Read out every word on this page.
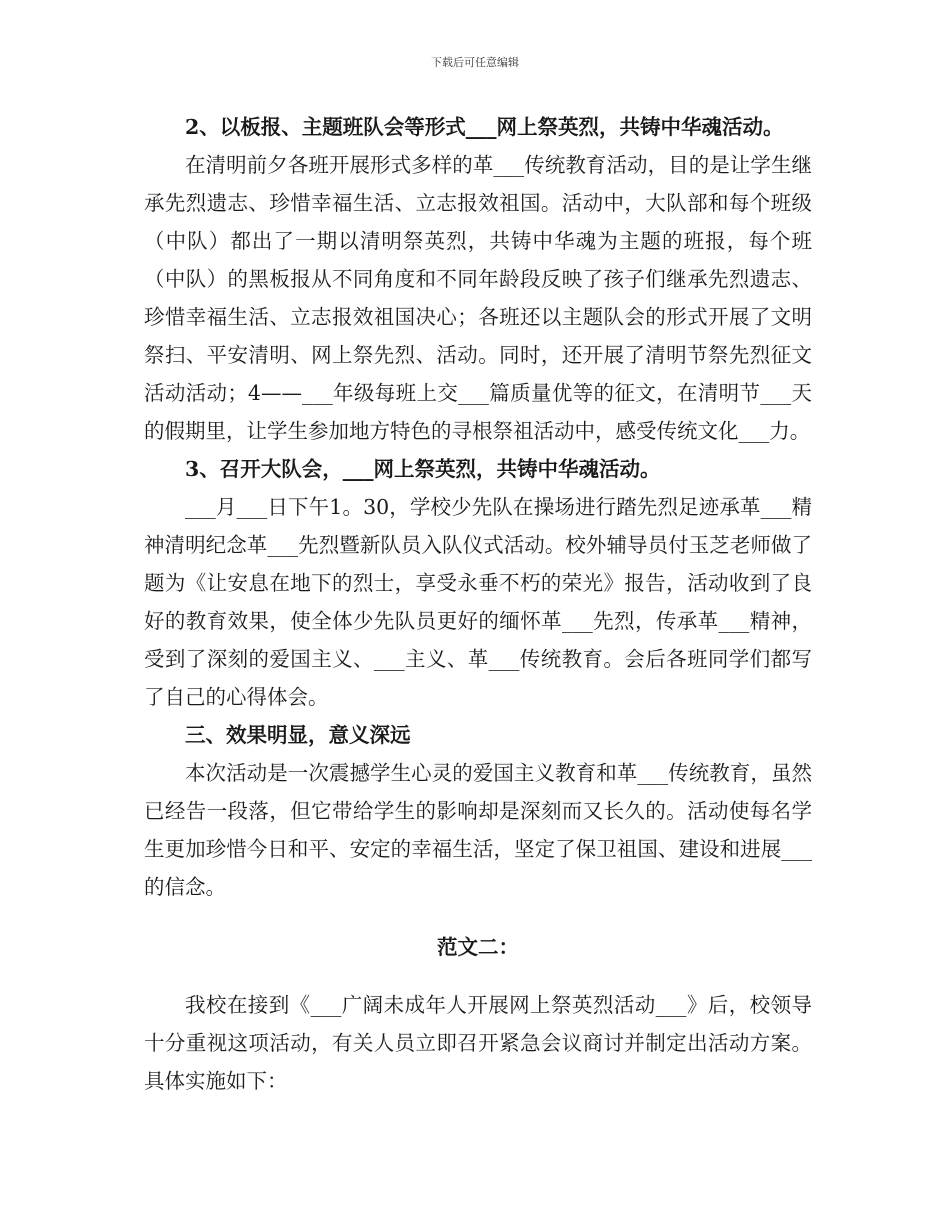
下载后可任意编辑

2、以板报、主题班队会等形式___网上祭英烈，共铸中华魂活动。

在清明前夕各班开展形式多样的革___传统教育活动，目的是让学生继承先烈遗志、珍惜幸福生活、立志报效祖国。活动中，大队部和每个班级（中队）都出了一期以清明祭英烈，共铸中华魂为主题的班报，每个班（中队）的黑板报从不同角度和不同年龄段反映了孩子们继承先烈遗志、珍惜幸福生活、立志报效祖国决心；各班还以主题队会的形式开展了文明祭扫、平安清明、网上祭先烈、活动。同时，还开展了清明节祭先烈征文活动活动；4——___年级每班上交___篇质量优等的征文，在清明节___天的假期里，让学生参加地方特色的寻根祭祖活动中，感受传统文化___力。

3、召开大队会，___网上祭英烈，共铸中华魂活动。

___月___日下午1。30，学校少先队在操场进行踏先烈足迹承革___精神清明纪念革___先烈暨新队员入队仪式活动。校外辅导员付玉芝老师做了题为《让安息在地下的烈士，享受永垂不朽的荣光》报告，活动收到了良好的教育效果，使全体少先队员更好的缅怀革___先烈，传承革___精神，受到了深刻的爱国主义、___主义、革___传统教育。会后各班同学们都写了自己的心得体会。

三、效果明显，意义深远

本次活动是一次震撼学生心灵的爱国主义教育和革___传统教育，虽然已经告一段落，但它带给学生的影响却是深刻而又长久的。活动使每名学生更加珍惜今日和平、安定的幸福生活，坚定了保卫祖国、建设和进展___的信念。

范文二：

我校在接到《___广阔未成年人开展网上祭英烈活动___》后，校领导十分重视这项活动，有关人员立即召开紧急会议商讨并制定出活动方案。具体实施如下：
